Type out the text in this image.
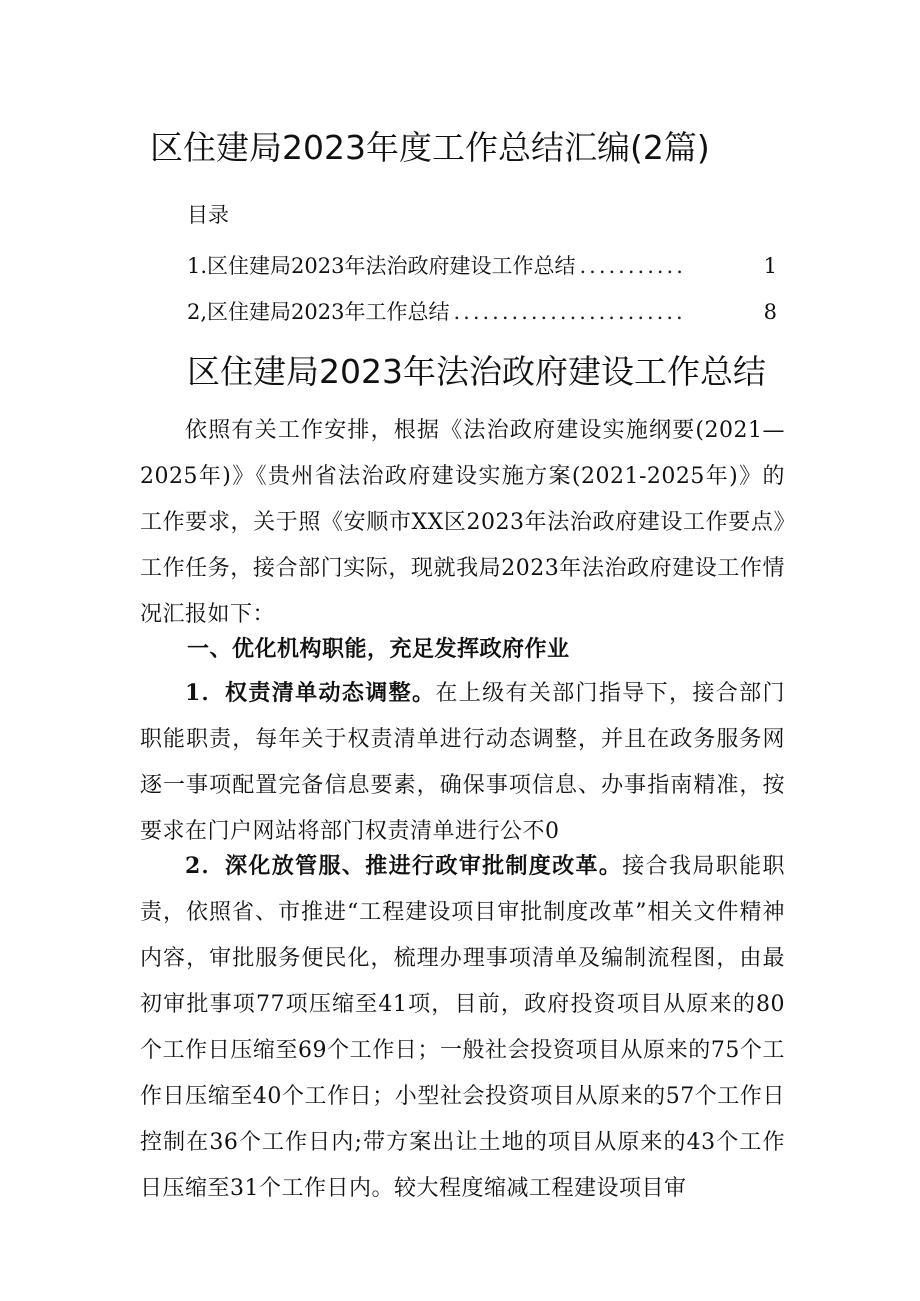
区住建局2023年度工作总结汇编(2篇)
目录
1.区住建局2023年法治政府建设工作总结 ...........	1
2,区住建局2023年工作总结 ........................	8
区住建局2023年法治政府建设工作总结
依照有关工作安排，根据《法治政府建设实施纲要(2021—2025年)》《贵州省法治政府建设实施方案(2021-2025年)》的工作要求，关于照《安顺市XX区2023年法治政府建设工作要点》工作任务，接合部门实际，现就我局2023年法治政府建设工作情况汇报如下：
一、优化机构职能，充足发挥政府作业
1．权责清单动态调整。在上级有关部门指导下，接合部门职能职责，每年关于权责清单进行动态调整，并且在政务服务网逐一事项配置完备信息要素，确保事项信息、办事指南精准，按要求在门户网站将部门权责清单进行公不0
2．深化放管服、推进行政审批制度改革。接合我局职能职责，依照省、市推进“工程建设项目审批制度改革”相关文件精神内容，审批服务便民化，梳理办理事项清单及编制流程图，由最初审批事项77项压缩至41项，目前，政府投资项目从原来的80个工作日压缩至69个工作日；一般社会投资项目从原来的75个工作日压缩至40个工作日；小型社会投资项目从原来的57个工作日控制在36个工作日内;带方案出让土地的项目从原来的43个工作日压缩至31个工作日内。较大程度缩减工程建设项目审
